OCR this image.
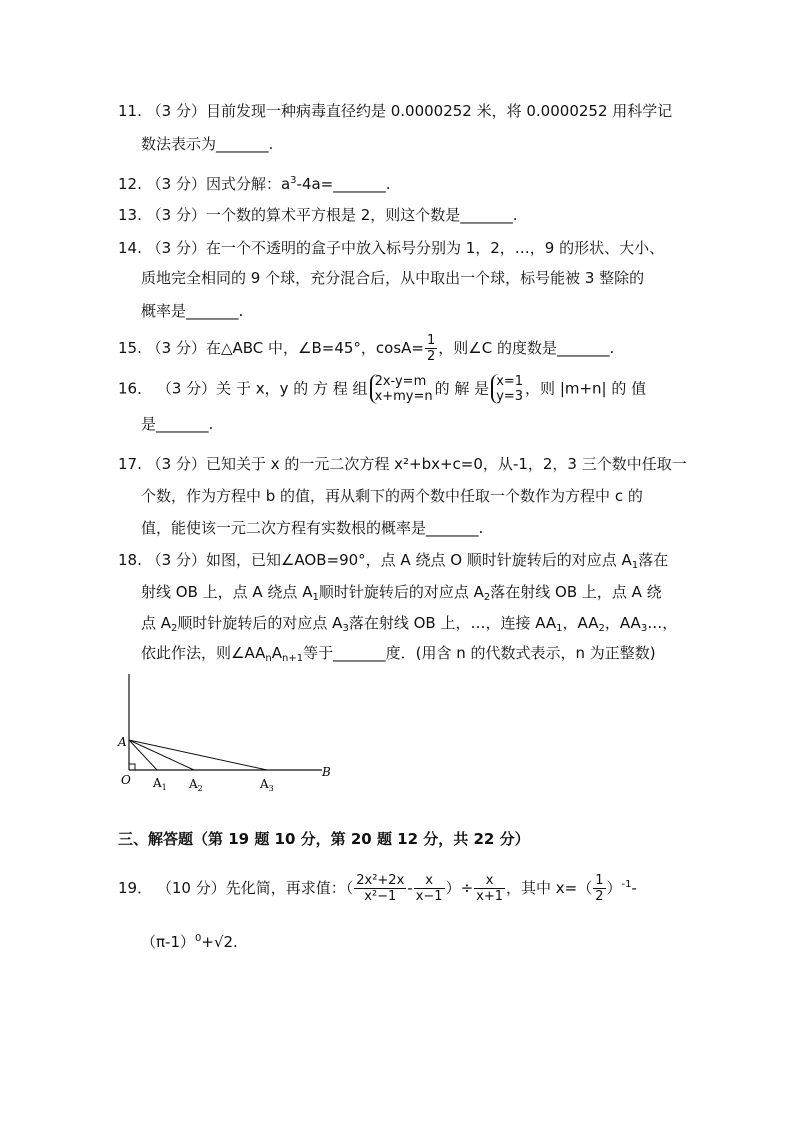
11. （3 分）目前发现一种病毒直径约是 0.0000252 米，将 0.0000252 用科学记
数法表示为_______.
12. （3 分）因式分解：$a^3-4a=\_\_\_\_\_\_\_$.
13. （3 分）一个数的算术平方根是 2，则这个数是_______.
14. （3 分）在一个不透明的盒子中放入标号分别为 1，2，…，9 的形状、大小、
质地完全相同的 9 个球，充分混合后，从中取出一个球，标号能被 3 整除的
概率是_______.
15. （3 分）在△ABC 中，∠B=45°，$\cos A= \frac{1}{2}$ ，则∠C 的度数是_______.
16． （3 分）关 于 x，y 的 方 程 组 2x-y=m
x+my=n 的 解 是 x=1
y=3 ，则 |m+n| 的 值
是_______.
17. （3 分）已知关于 x 的一元二次方程 x²+bx+c=0，从-1，2，3 三个数中任取一
个数，作为方程中 b 的值，再从剩下的两个数中任取一个数作为方程中 c 的
值，能使该一元二次方程有实数根的概率是_______.
18. （3 分）如图，已知∠AOB=90°，点 A 绕点 O 顺时针旋转后的对应点 $A_1$落在
射线 OB 上，点 A 绕点 $A_1$顺时针旋转后的对应点 $A_2$落在射线 OB 上，点 A 绕
点 $A_2$顺时针旋转后的对应点 $A_3$落在射线 OB 上，…，连接 $AA_1$，$AA_2$，$AA_3\dots$，
依此作法，则$\angle AA_nA_{n+1}$等于_______度．(用含 n 的代数式表示，n 为正整数)
A
O
B
$A_1$ $A_2$	$A_3$
三、解答题（第 19 题 10 分，第 20 题 12 分，共 22 分）
19． （10 分）先化简，再求值：（ $\frac{\text{2x²+2x}}{\text{x²−1}} - \frac{x}{x-1}$ ）÷ $\frac{x}{x+1}$ ，其中 $x=( \frac{1}{2} )^{-1}-$
$(\pi-1)^0+√2$.
